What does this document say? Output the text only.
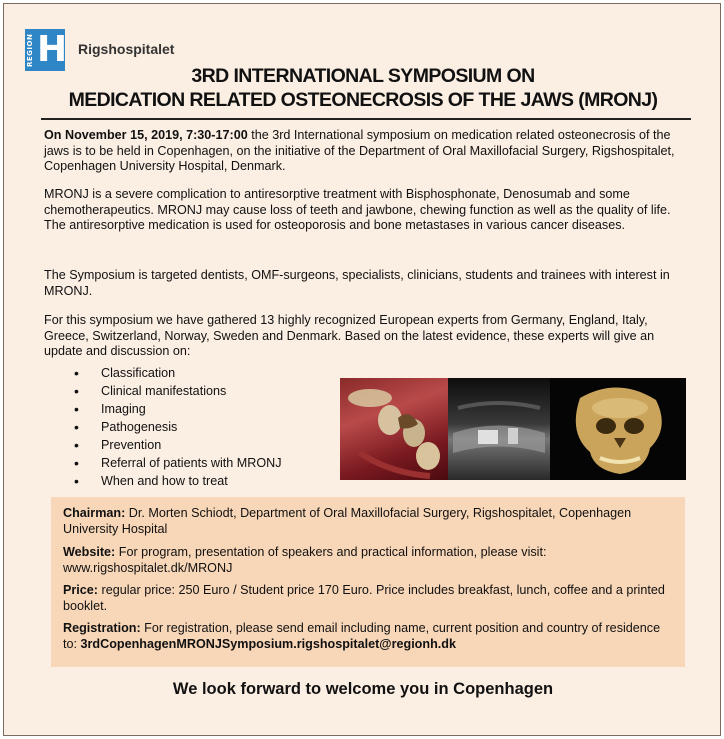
REGION H Rigshospitalet
3RD INTERNATIONAL SYMPOSIUM ON
MEDICATION RELATED OSTEONECROSIS OF THE JAWS (MRONJ)

On November 15, 2019, 7:30-17:00 the 3rd International symposium on medication related osteonecrosis of the jaws is to be held in Copenhagen, on the initiative of the Department of Oral Maxillofacial Surgery, Rigshospitalet, Copenhagen University Hospital, Denmark.

MRONJ is a severe complication to antiresorptive treatment with Bisphosphonate, Denosumab and some chemotherapeutics. MRONJ may cause loss of teeth and jawbone, chewing function as well as the quality of life. The antiresorptive medication is used for osteoporosis and bone metastases in various cancer diseases.

The Symposium is targeted dentists, OMF-surgeons, specialists, clinicians, students and trainees with interest in MRONJ.

For this symposium we have gathered 13 highly recognized European experts from Germany, England, Italy, Greece, Switzerland, Norway, Sweden and Denmark. Based on the latest evidence, these experts will give an update and discussion on:

• Classification
• Clinical manifestations
• Imaging
• Pathogenesis
• Prevention
• Referral of patients with MRONJ
• When and how to treat

Chairman: Dr. Morten Schiodt, Department of Oral Maxillofacial Surgery, Rigshospitalet, Copenhagen University Hospital

Website: For program, presentation of speakers and practical information, please visit:
www.rigshospitalet.dk/MRONJ

Price: regular price: 250 Euro / Student price 170 Euro. Price includes breakfast, lunch, coffee and a printed booklet.

Registration: For registration, please send email including name, current position and country of residence to: 3rdCopenhagenMRONJSymposium.rigshospitalet@regionh.dk

We look forward to welcome you in Copenhagen
